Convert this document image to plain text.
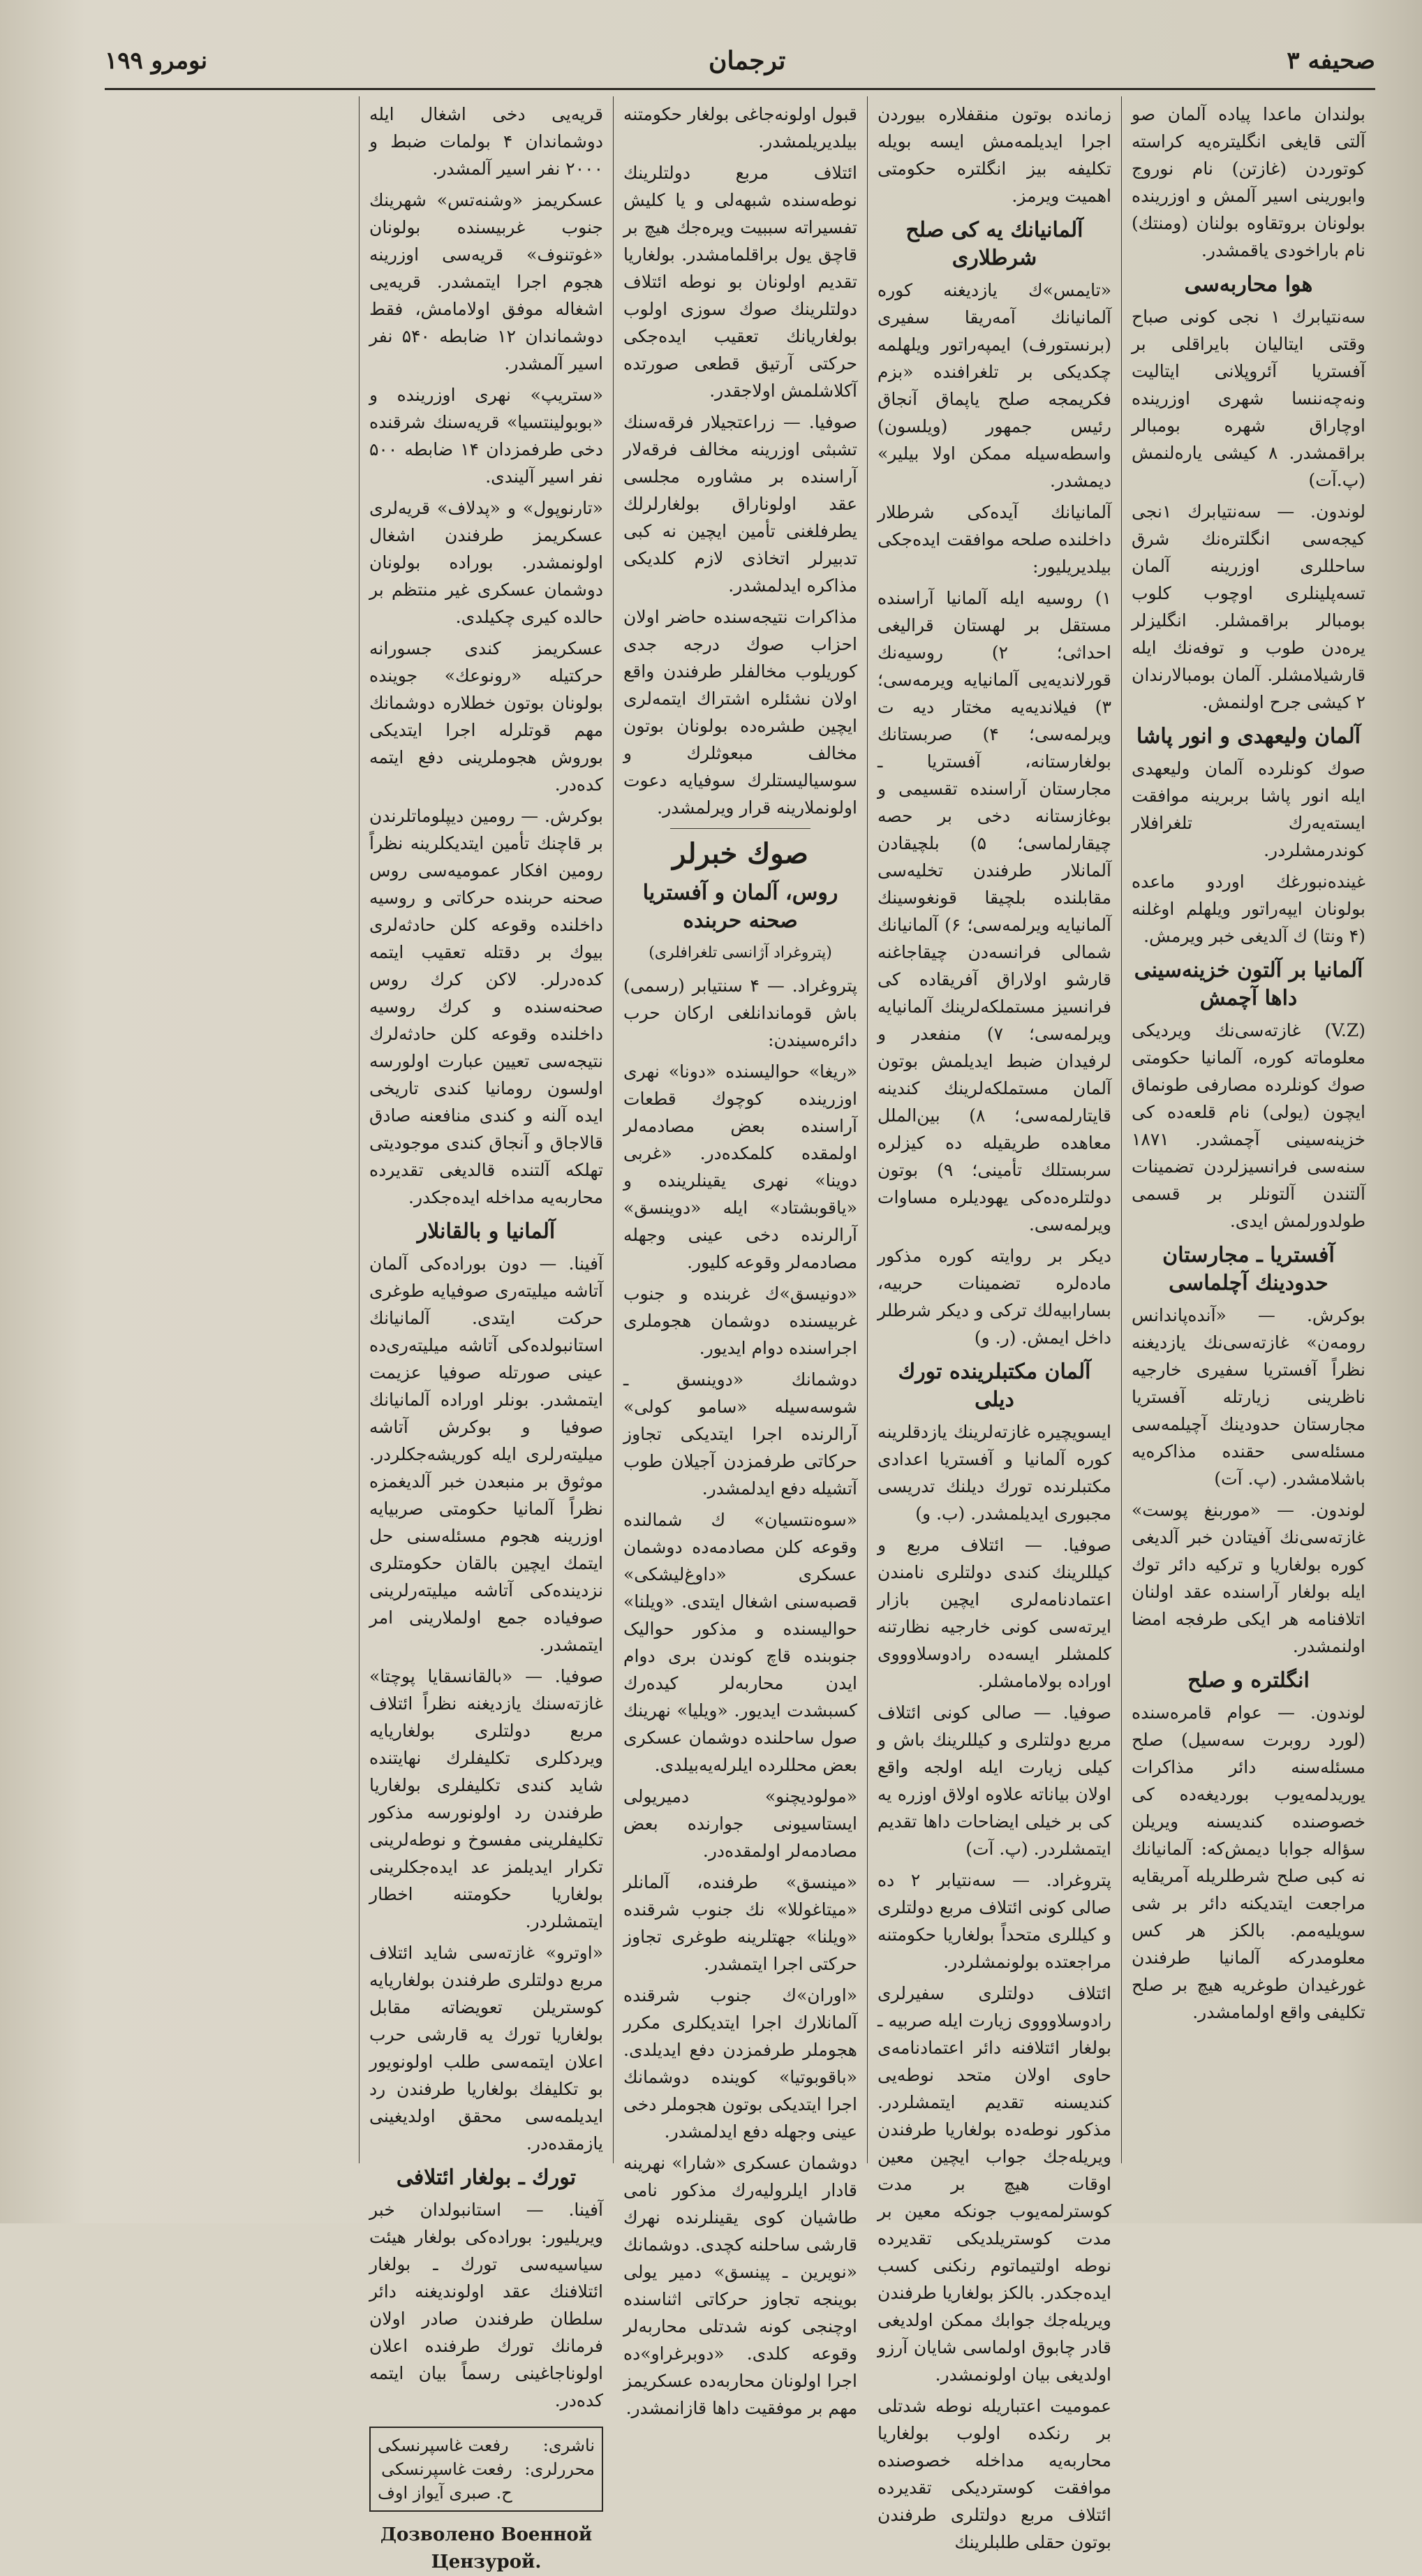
صحیفه ۳
ترجمان
نومرو ۱۹۹

بولندان ماعدا پیاده آلمان صو آلتی قایغی انگلیتره‌یه کراسته کوتوردن (غازتن) نام نوروج وابورینی اسیر آلمش و اوزرینده بولونان بروتقاوه بولنان (ومنتك) نام باراخودی یاقمشدر.

هوا محاربه‌سی

سه‌نتیابرك ۱ نجی کونی صباح وقتی ایتالیان بایراقلی بر آفستریا آئروپلانی ایتالیت ونه‌چه‌ننسا شهری اوزرینده اوچاراق شهره بومبالر براقمشدر. ۸ کیشی یاره‌لنمش (پ.آت)

لوندون. — سه‌نتیابرك ۱نجی کیجه‌سی انگلتره‌نك شرق ساحللری اوزرینه آلمان تسه‌پلینلری اوچوب کلوب بومبالر براقمشلر. انگلیزلر یره‌دن طوب و توفه‌نك ایله قارشیلامشلر. آلمان بومبالارندان ۲ کیشی جرح اولنمش.

آلمان ولیعهدی و انور پاشا

صوك کونلرده آلمان ولیعهدی ایله انور پاشا بربرینه موافقت ایسته‌یه‌رك تلغرافلار کوندرمشلردر.

غینده‌نبورغك اوردو ماعده بولونان ایپه‌راتور ویلهلم اوغلنه (۴ ونتا) ك آلدیغی خبر ویرمش.

آلمانیا بر آلتون خزینه‌سینی داها آچمش

(V.Z) غازته‌سی‌نك ویردیکی معلوماته کوره، آلمانیا حکومتی صوك کونلرده مصارفی طونماق ایچون (یولی) نام قلعه‌ده کی خزینه‌سینی آچمشدر. ۱۸۷۱ سنه‌سی فرانسیزلردن تضمینات آلتندن آلتونلر بر قسمی طولدورلمش ایدی.

آفستریا ـ مجارستان حدودینك آچلماسی

بوکرش. — «آنده‌پاندانس رومه‌ن» غازته‌سی‌نك یازدیغنه نظراً آفستریا سفیری خارجیه ناظرینی زیارتله آفستریا مجارستان حدودینك آچیلمه‌سی مسئله‌سی حقنده مذاکره‌یه باشلامشدر. (پ. آت)

لوندون. — «موربنغ پوست» غازته‌سی‌نك آفیتادن خبر آلدیغی کوره بولغاریا و ترکیه دائر توك ایله بولغار آراسنده عقد اولنان اتلافنامه هر ایکی طرفجه امضا اولنمشدر.

انگلتره و صلح

لوندون. — عوام قامره‌سنده (لورد روبرت سه‌سیل) صلح مسئله‌سنه دائر مذاکرات یوریدلمه‌یوب بوردیغه‌ده کی خصوصنده کندیسنه ویریلن سؤاله جوابا دیمش‌که: آلمانیانك نه کبی صلح شرطلریله آمریقایه مراجعت ایتدیکنه دائر بر شی سویلیه‌مم. بالکز هر کس معلومدرکه آلمانیا طرفندن غورغیدان طوغریه هیچ بر صلح تکلیفی واقع اولمامشدر.

زمانده بوتون منقفلاره بیوردن اجرا ایدیلمه‌مش ایسه بویله تکلیفه بیز انگلتره حکومتی اهمیت ویرمز.

آلمانیانك یه کی صلح شرطلاری

«تایمس»ك یازدیغنه کوره آلمانیانك آمه‌ریقا سفیری (برنستورف) ایمپه‌راتور ویلهلمه چکدیکی بر تلغرافنده «بزم فکریمجه صلح یاپماق آنجاق رئیس جمهور (ویلسون) واسطه‌سیله ممکن اولا بیلیر» دیمشدر.

آلمانیانك آیده‌کی شرطلار داخلنده صلحه موافقت ایده‌جکی بیلدیریلیور:

۱) روسیه ایله آلمانیا آراسنده مستقل بر لهستان قرالیغی احداثی؛ ۲) روسیه‌نك قورلاندیه‌یی آلمانیایه ویرمه‌سی؛ ۳) فیلاندیه‌یه مختار دیه ت ویرلمه‌سی؛ ۴) صربستانك بولغارستانه، آفستریا ـ مجارستان آراسنده تقسیمی و بوغازستانه دخی بر حصه چیقارلماسی؛ ۵) بلچیقادن آلمانلار طرفندن تخلیه‌سی مقابلنده بلچیقا قونغوسینك آلمانیایه ویرلمه‌سی؛ ۶) آلمانیانك شمالی فرانسه‌دن چیقاجاغنه قارشو اولاراق آفریقاده کی فرانسیز مستملکه‌لرینك آلمانیایه ویرلمه‌سی؛ ۷) منفعدر و لرفیدان ضبط ایدیلمش بوتون آلمان مستملکه‌لرینك کندینه قایتارلمه‌سی؛ ۸) بین‌الملل معاهده طریقیله ده کیزلره سربستلك تأمینی؛ ۹) بوتون دولتلره‌ده‌کی یهودیلره مساوات ویرلمه‌سی.

دیکر بر روایته کوره مذکور ماده‌لره تضمینات حربیه، بسارابیه‌لك ترکی و دیکر شرطلر داخل ایمش. (ر. و)

آلمان مکتبلرینده تورك دیلی

ایسویچیره غازته‌لرینك یازدقلرینه کوره آلمانیا و آفستریا اعدادی مکتبلرنده تورك دیلنك تدریسی مجبوری ایدیلمشدر. (ب. و)

صوفیا. — ائتلاف مربع و کیللرینك کندی دولتلری نامندن اعتمادنامه‌لری ایچین بازار ایرته‌سی کونی خارجیه نظارتنه کلمشلر ایسه‌ده رادوسلاوووی اوراده بولامامشلر.

صوفیا. — صالی کونی ائتلاف مربع دولتلری و کیللرینك باش و کیلی زیارت ایله اولجه واقع اولان بیاناته علاوه اولاق اوزره یه کی بر خیلی ایضاحات داها تقدیم ایتمشلردر. (پ. آت)

پتروغراد. — سه‌نتیابر ۲ ده صالی کونی ائتلاف مربع دولتلری و کیللری متحداً بولغاریا حکومتنه مراجعتده بولونمشلردر.

ائتلاف دولتلری سفیرلری رادوسلاوووی زیارت ایله صربیه ـ بولغار ائتلافنه دائر اعتمادنامه‌ی حاوی اولان متحد نوطه‌یی کندیسنه تقدیم ایتمشلردر. مذکور نوطه‌ده بولغاریا طرفندن ویریله‌جك جواب ایچین معین اوقات هیچ بر مدت کوسترلمه‌یوب جونکه معین بر مدت کوستریلدیکی تقدیرده نوطه اولتیماتوم رنکنی کسب ایده‌جکدر. بالکز بولغاریا طرفندن ویریله‌جك جوابك ممکن اولدیغی قادر چابوق اولماسی شایان آرزو اولدیغی بیان اولونمشدر.

عمومیت اعتباریله نوطه شدتلی بر رنکده اولوب بولغاریا محاربه‌یه مداخله خصوصنده موافقت کوستردیکی تقدیرده ائتلاف مربع دولتلری طرفندن بوتون حقلی طلبلرینك

قبول اولونه‌جاغی بولغار حکومتنه بیلدیریلمشدر.

ائتلاف مربع دولتلرینك نوطه‌سنده شبهه‌لی و یا کلیش تفسیراته سببیت ویره‌جك هیچ بر قاچق یول براقلمامشدر. بولغاریا تقدیم اولونان بو نوطه ائتلاف دولتلرینك صوك سوزی اولوب بولغاریانك تعقیب ایده‌جکی حرکتی آرتیق قطعی صورتده آکلاشلمش اولاجقدر.

صوفیا. — زراعتجیلار فرقه‌سنك تشبثی اوزرینه مخالف فرقه‌لار آراسنده بر مشاوره مجلسی عقد اولوناراق بولغارلرلك یطرفلغنی تأمین ایچین نه کبی تدبیرلر اتخاذی لازم کلدیکی مذاکره ایدلمشدر.

مذاکرات نتیجه‌سنده حاضر اولان احزاب صوك درجه جدی کوریلوب مخالفلر طرفندن واقع اولان نشئلره اشتراك ایتمه‌لری ایچین طشره‌ده بولونان بوتون مخالف مبعوثلرك و سوسیالیستلرك سوفیایه دعوت اولونملارینه قرار ویرلمشدر.

صوك خبرلر
روس، آلمان و آفستریا صحنه حربنده
(پتروغراد آژانسی تلغرافلری)

پتروغراد. — ۴ سنتیابر (رسمی) باش قوماندانلغی ارکان حرب دائره‌سیندن:

«ریغا» حوالیسنده «دونا» نهری اوزرینده کوچوك قطعات آراسنده بعض مصادمه‌لر اولمقده کلمکده‌در. «غربی دوینا» نهری یقینلرینده و «یاقوبشتاد» ایله «دوینسق» آرالرنده دخی عینی وجهله مصادمه‌لر وقوعه کلیور.

«دونیسق»ك غربنده و جنوب غربیسنده دوشمان هجوملری اجراسنده دوام ایدیور.

دوشمانك «دوینسق ـ شوسه‌سیله «سامو کولی» آرالرنده اجرا ایتدیکی تجاوز حرکاتی طرفمزدن آجیلان طوب آتشیله دفع ایدلمشدر.

«سوه‌نتسیان» ك شمالنده وقوعه کلن مصادمه‌ده دوشمان عسکری «داوغ‌لیشکی» قصبه‌سنی اشغال ایتدی. «ویلنا» حوالیسنده و مذکور حوالیک جنوبنده قاچ کوندن بری دوام ایدن محاربه‌لر کیده‌رك کسبشدت ایدیور. «ویلیا» نهرینك صول ساحلنده دوشمان عسکری بعض محللرده ایلرله‌یه‌بیلدی.

«مولودیچنو» دمیریولی ایستاسیونی جوارنده بعض مصادمه‌لر اولمقده‌در.

«مینسق» طرفنده، آلمانلر «میتاغوللا» نك جنوب شرقنده «ویلنا» جهتلرینه طوغری تجاوز حرکتی اجرا ایتمشدر.

«اوران»ك جنوب شرقنده آلمانلارك اجرا ایتدیکلری مکرر هجوملر طرفمزدن دفع ایدیلدی. «باقوبوتیا» کوینده دوشمانك اجرا ایتدیکی بوتون هجوملر دخی عینی وجهله دفع ایدلمشدر.

دوشمان عسکری «شارا» نهرینه قادار ایلرولیه‌رك مذکور نامی طاشیان کوی یقینلرنده نهرك قارشی ساحلنه کچدی. دوشمانك «نویرین ـ پینسق» دمیر یولی بوینجه تجاوز حرکاتی اثناسنده اوچنجی کونه شدتلی محاربه‌لر وقوعه کلدی. «دوبرغراو»ده اجرا اولونان محاربه‌ده عسکریمز مهم بر موفقیت داها قازانمشدر.

قریه‌یی دخی اشغال ایله دوشماندان ۴ بولمات ضبط و ۲۰۰۰ نفر اسیر آلمشدر.

عسکریمز «وشنه‌تس» شهرینك جنوب غربیسنده بولونان «غوتنوف» قریه‌سی اوزرینه هجوم اجرا ایتمشدر. قریه‌یی اشغاله موفق اولامامش، فقط دوشماندان ۱۲ ضابطه ۵۴۰ نفر اسیر آلمشدر.

«ستریپ» نهری اوزرینده و «بوبولینتسیا» قریه‌سنك شرقنده دخی طرفمزدان ۱۴ ضابطه ۵۰۰ نفر اسیر آلیندی.

«تارنوپول» و «پدلاف» قریه‌لری عسکریمز طرفندن اشغال اولونمشدر. بوراده بولونان دوشمان عسکری غیر منتظم بر حالده کیری چکیلدی.

عسکریمز کندی جسورانه حرکتیله «رونوعك» جوینده بولونان بوتون خطلاره دوشمانك مهم قوتلرله اجرا ایتدیکی بوروش هجوملرینی دفع ایتمه کده‌در.

بوکرش. — رومین دیپلوماتلرندن بر قاچنك تأمین ایتدیکلرینه نظراً رومین افکار عمومیه‌سی روس صحنه حربنده حرکاتی و روسیه داخلنده وقوعه کلن حادثه‌لری بیوك بر دقتله تعقیب ایتمه کده‌درلر. لاکن کرك روس صحنه‌سنده و کرك روسیه داخلنده وقوعه کلن حادثه‌لرك نتیجه‌سی تعیین عبارت اولورسه اولسون رومانیا کندی تاریخی ایده آلنه و کندی منافعنه صادق قالاجاق و آنجاق کندی موجودیتی تهلکه آلتنده قالدیغی تقدیرده محاربه‌یه مداخله ایده‌جکدر.

آلمانیا و بالقانلار

آفینا. — دون بوراده‌کی آلمان آتاشه میلیته‌ری صوفیایه طوغری حرکت ایتدی. آلمانیانك استانبولده‌کی آتاشه میلیته‌ری‌ده‌ عینی صورتله صوفیا عزیمت ایتمشدر. بونلر اوراده آلمانیانك صوفیا و بوکرش آتاشه میلیته‌رلری ایله کوریشه‌جکلردر. موثوق بر منبعدن خبر آلدیغمزه نظراً آلمانیا حکومتی صربیایه اوزرینه هجوم مسئله‌سنی حل ایتمك ایچین بالقان حکومتلری نزدینده‌کی آتاشه میلیته‌رلرینی صوفیاده جمع اولملارینی امر ایتمشدر.

صوفیا. — «بالقانسقایا پوچتا» غازته‌سنك یازدیغنه نظراً ائتلاف مربع دولتلری بولغاریایه ویردکلری تکلیفلرك نهایتنده شاید کندی تکلیفلری بولغاریا طرفندن رد اولونورسه مذکور تکلیفلرینی مفسوخ و نوطه‌لرینی تکرار ایدیلمز عد ایده‌جکلرینی بولغاریا حکومتنه اخطار ایتمشلردر.

«اوترو» غازته‌سی شاید ائتلاف مربع دولتلری طرفندن بولغاریایه کوستریلن تعویضاته مقابل بولغاریا تورك یه قارشی حرب اعلان ایتمه‌سی طلب اولونویور بو تکلیفك بولغاریا طرفندن رد ایدیلمه‌سی محقق اولدیغینی یازمقده‌در.

تورك ـ بولغار ائتلافی

آفینا. — استانبولدان خبر ویریلیور: بوراده‌کی بولغار هیئت سیاسیه‌سی تورك ـ بولغار ائتلافنك عقد اولوندیغنه دائر سلطان طرفندن صادر اولان فرمانك تورك طرفنده اعلان اولوناجاغینی رسماً بیان ایتمه کده‌در.

ناشری:
رفعت غاسپرنسکی
محررلری:
رفعت غاسپرنسکی
ح. صبری آیواز اوف
Дозволено Военной Цензурой.
